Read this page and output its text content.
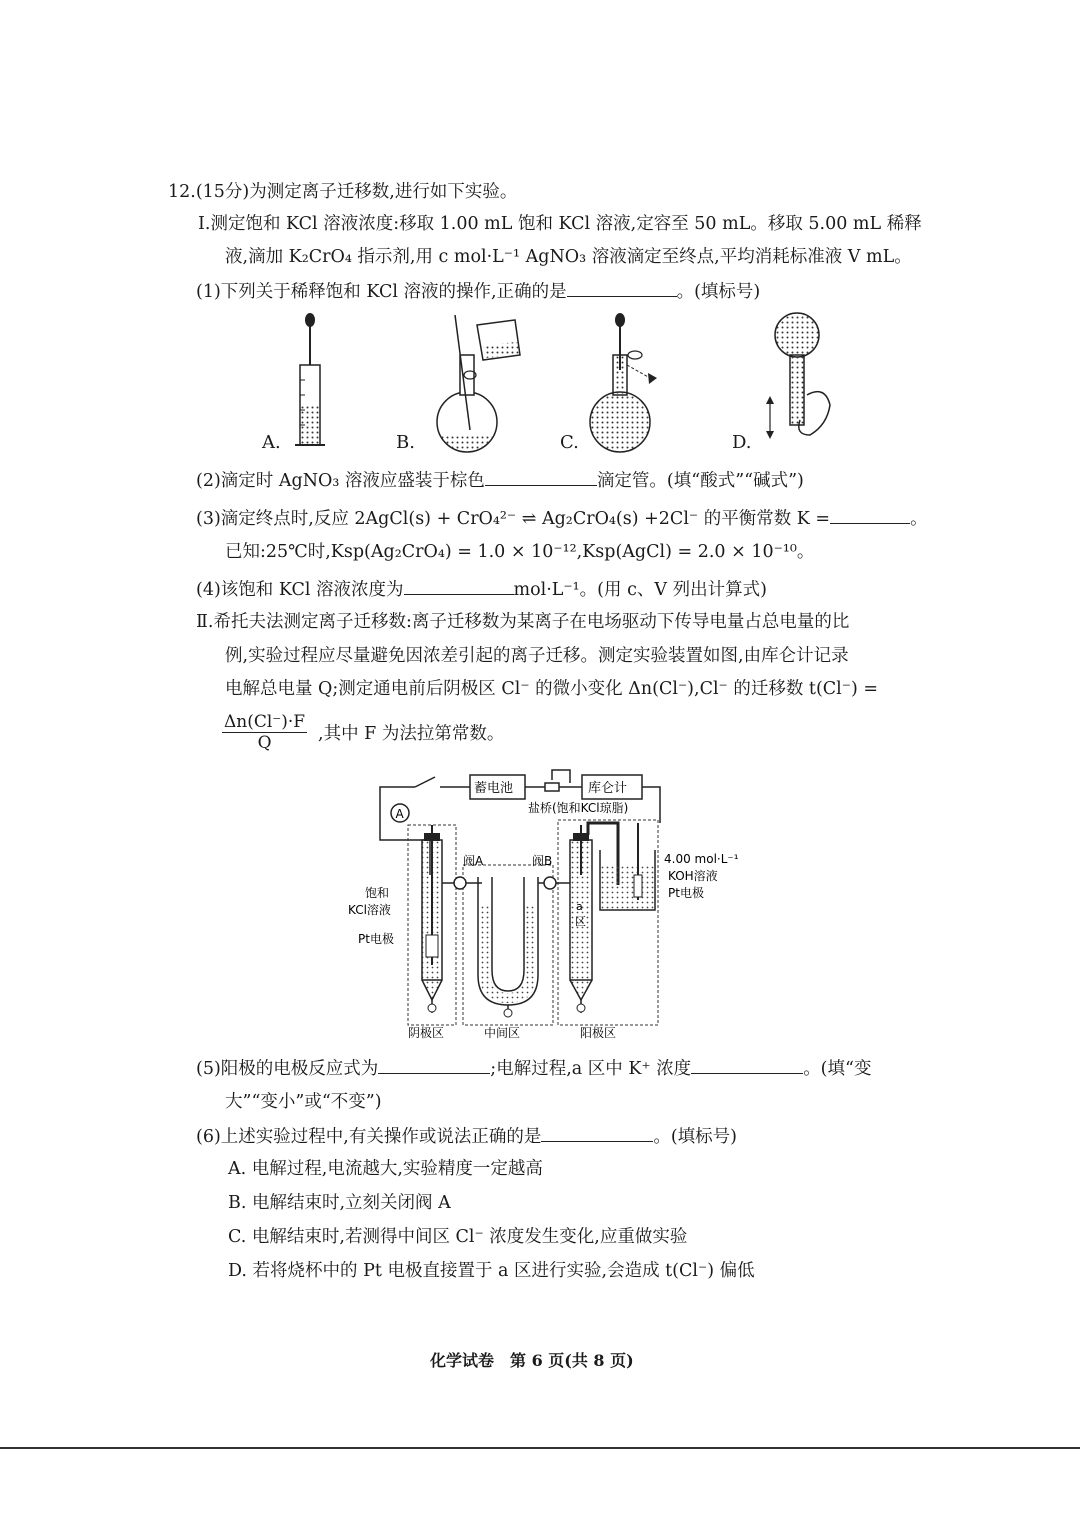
12.(15分)为测定离子迁移数,进行如下实验。
Ⅰ.测定饱和 KCl 溶液浓度:移取 1.00 mL 饱和 KCl 溶液,定容至 50 mL。移取 5.00 mL 稀释
液,滴加 K₂CrO₄ 指示剂,用 c mol·L⁻¹ AgNO₃ 溶液滴定至终点,平均消耗标准液 V mL。
(1)下列关于稀释饱和 KCl 溶液的操作,正确的是	。(填标号)
A.	B.	C.	D.
(2)滴定时 AgNO₃ 溶液应盛装于棕色	滴定管。(填“酸式”“碱式”)
(3)滴定终点时,反应 2AgCl(s) + CrO₄²⁻ ⇌ Ag₂CrO₄(s) +2Cl⁻ 的平衡常数 K =	。
已知:25℃时,Ksp(Ag₂CrO₄) = 1.0 × 10⁻¹²,Ksp(AgCl) = 2.0 × 10⁻¹⁰。
(4)该饱和 KCl 溶液浓度为	mol·L⁻¹。(用 c、V 列出计算式)
Ⅱ.希托夫法测定离子迁移数:离子迁移数为某离子在电场驱动下传导电量占总电量的比
例,实验过程应尽量避免因浓差引起的离子迁移。测定实验装置如图,由库仑计记录
电解总电量 Q;测定通电前后阴极区 Cl⁻ 的微小变化 Δn(Cl⁻),Cl⁻ 的迁移数 t(Cl⁻) =
$\frac{\Delta n(Cl^-)\cdot F}{Q}$ ,其中 F 为法拉第常数。
A
蓄电池	库仑计
盐桥(饱和KCl琼脂)
阀A	阀B
a
区
4.00 mol·L⁻¹
KOH溶液
Pt电极
饱和
KCl溶液
Pt电极
阴极区	中间区	阳极区
(5)阳极的电极反应式为	;电解过程,a 区中 K⁺ 浓度	。(填“变
大”“变小”或“不变”)
(6)上述实验过程中,有关操作或说法正确的是	。(填标号)
A. 电解过程,电流越大,实验精度一定越高
B. 电解结束时,立刻关闭阀 A
C. 电解结束时,若测得中间区 Cl⁻ 浓度发生变化,应重做实验
D. 若将烧杯中的 Pt 电极直接置于 a 区进行实验,会造成 t(Cl⁻) 偏低
化学试卷　第 6 页(共 8 页)
